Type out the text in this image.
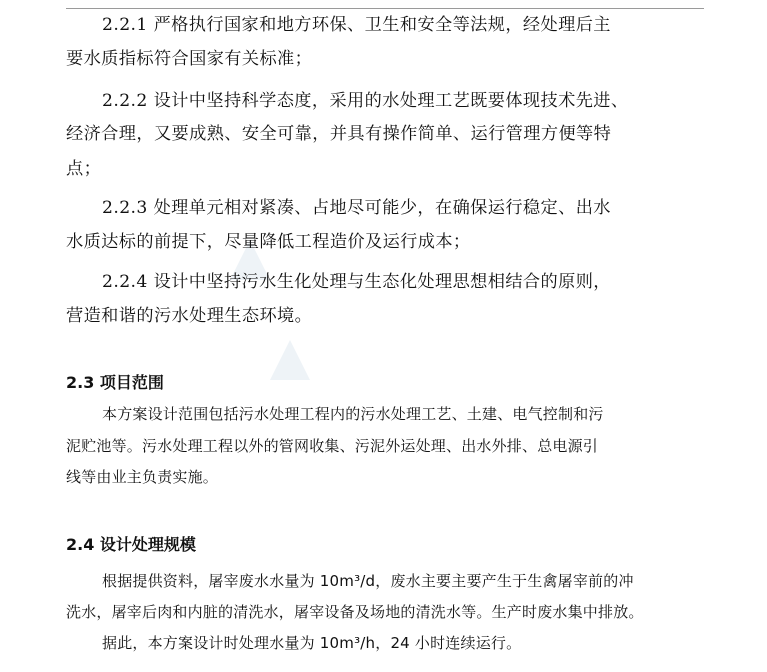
2.2.1 严格执行国家和地方环保、卫生和安全等法规，经处理后主

要水质指标符合国家有关标准；

2.2.2 设计中坚持科学态度，采用的水处理工艺既要体现技术先进、

经济合理，又要成熟、安全可靠，并具有操作简单、运行管理方便等特

点；

2.2.3 处理单元相对紧凑、占地尽可能少，在确保运行稳定、出水

水质达标的前提下，尽量降低工程造价及运行成本；

2.2.4 设计中坚持污水生化处理与生态化处理思想相结合的原则，

营造和谐的污水处理生态环境。

2.3 项目范围

本方案设计范围包括污水处理工程内的污水处理工艺、土建、电气控制和污

泥贮池等。污水处理工程以外的管网收集、污泥外运处理、出水外排、总电源引

线等由业主负责实施。

2.4 设计处理规模

根据提供资料，屠宰废水水量为 10m³/d，废水主要主要产生于生禽屠宰前的冲

洗水，屠宰后肉和内脏的清洗水，屠宰设备及场地的清洗水等。生产时废水集中排放。

据此，本方案设计时处理水量为 10m³/h，24 小时连续运行。
